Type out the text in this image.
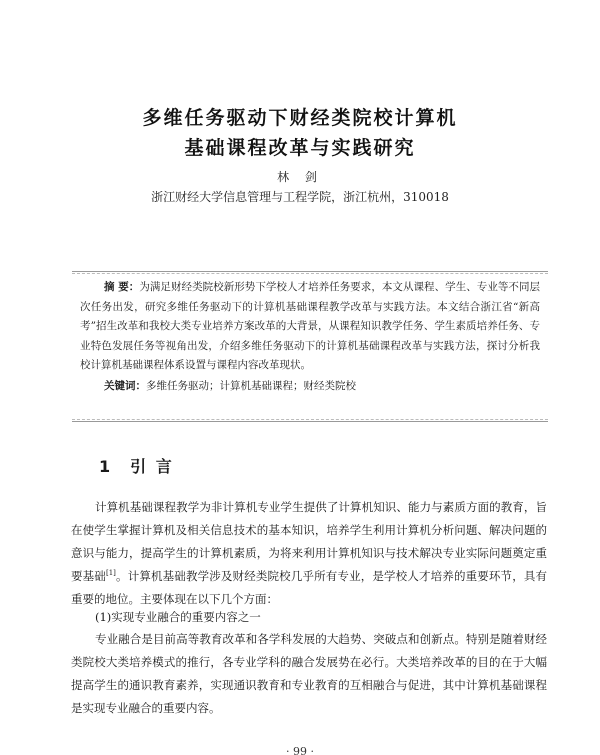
多维任务驱动下财经类院校计算机
基础课程改革与实践研究
林 剑
浙江财经大学信息管理与工程学院，浙江杭州，310018

摘 要：为满足财经类院校新形势下学校人才培养任务要求，本文从课程、学生、专业等不同层次任务出发，研究多维任务驱动下的计算机基础课程教学改革与实践方法。本文结合浙江省“新高考”招生改革和我校大类专业培养方案改革的大背景，从课程知识教学任务、学生素质培养任务、专业特色发展任务等视角出发，介绍多维任务驱动下的计算机基础课程改革与实践方法，探讨分析我校计算机基础课程体系设置与课程内容改革现状。

关键词：多维任务驱动；计算机基础课程；财经类院校

1 引 言
计算机基础课程教学为非计算机专业学生提供了计算机知识、能力与素质方面的教育，旨在使学生掌握计算机及相关信息技术的基本知识，培养学生利用计算机分析问题、解决问题的意识与能力，提高学生的计算机素质，为将来利用计算机知识与技术解决专业实际问题奠定重要基础[1]。计算机基础教学涉及财经类院校几乎所有专业，是学校人才培养的重要环节，具有重要的地位。主要体现在以下几个方面：
(1)实现专业融合的重要内容之一
专业融合是目前高等教育改革和各学科发展的大趋势、突破点和创新点。特别是随着财经类院校大类培养模式的推行，各专业学科的融合发展势在必行。大类培养改革的目的在于大幅提高学生的通识教育素养，实现通识教育和专业教育的互相融合与促进，其中计算机基础课程是实现专业融合的重要内容。
· 99 ·
